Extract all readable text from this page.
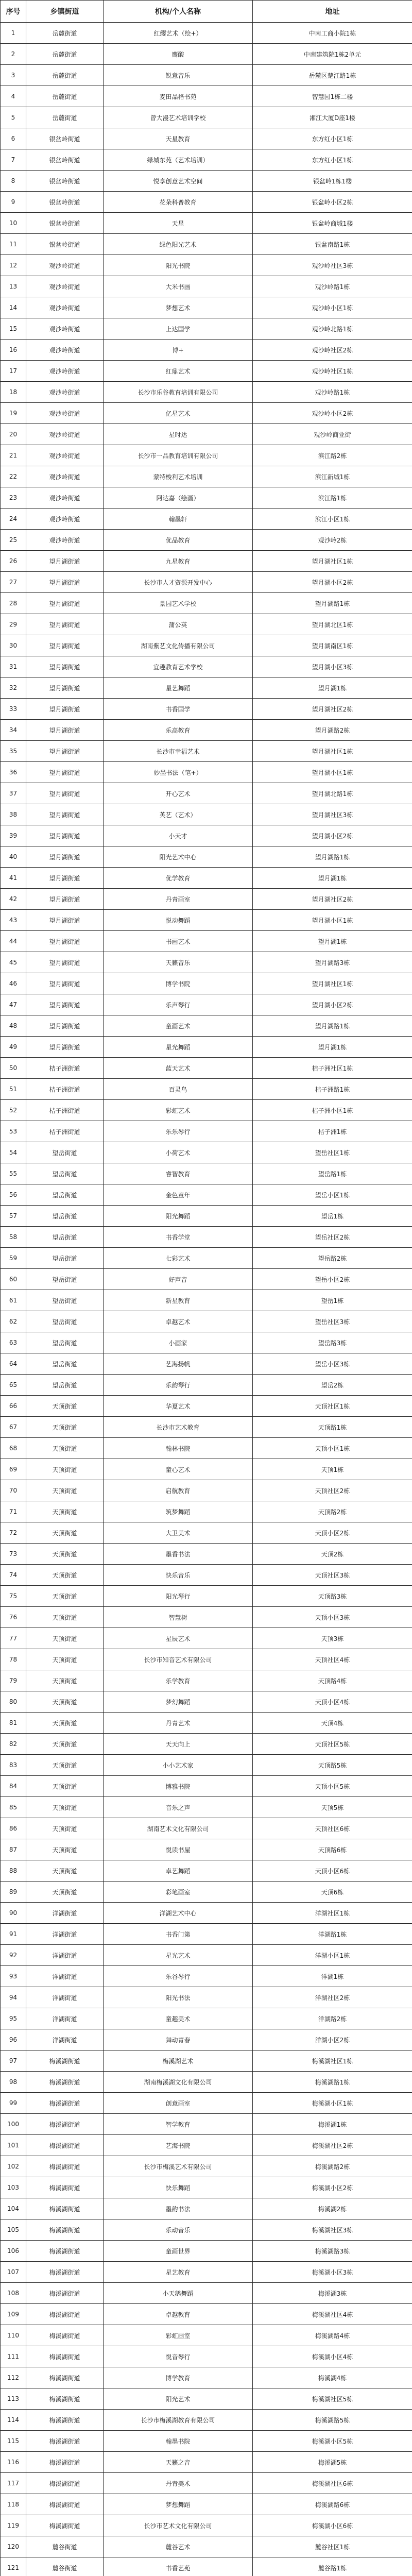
序号	乡镇街道	机构/个人名称	地址
1	岳麓街道	红缨艺术（绘+）	中南工商小院1栋
2	岳麓街道	鹰酸	中南建筑院1栋2单元
3	岳麓街道	锐意音乐	岳麓区楚江路1栋
4	岳麓街道	麦田品格书苑	智慧园1栋二楼
5	岳麓街道	曾大漫艺术培训学校	湘江大厦D座1楼
6	银盆岭街道	天星教育	东方红小区1栋
7	银盆岭街道	绿城东苑（艺术培训）	东方红小区1栋
8	银盆岭街道	悦享创意艺术空间	银盆岭1栋1楼
9	银盆岭街道	花朵科普教育	银盆岭小区2栋
10	银盆岭街道	天星	银盆岭商城1楼
11	银盆岭街道	绿色阳光艺术	银盆南路1栋
12	观沙岭街道	阳光书院	观沙岭社区3栋
13	观沙岭街道	大米书画	观沙岭路1栋
14	观沙岭街道	梦想艺术	观沙岭小区1栋
15	观沙岭街道	上达国学	观沙岭北路1栋
16	观沙岭街道	博+	观沙岭社区2栋
17	观沙岭街道	红鼎艺术	观沙岭社区1栋
18	观沙岭街道	长沙市乐谷教育培训有限公司	观沙岭路1栋
19	观沙岭街道	亿星艺术	观沙岭小区2栋
20	观沙岭街道	星时达	观沙岭商业街
21	观沙岭街道	长沙市一品教育培训有限公司	滨江路2栋
22	观沙岭街道	蒙特梭利艺术培训	滨江新城1栋
23	观沙岭街道	阿达嘉（绘画）	滨江路1栋
24	观沙岭街道	翰墨轩	滨江小区1栋
25	观沙岭街道	优品教育	观沙岭2栋
26	望月湖街道	九星教育	望月湖社区1栋
27	望月湖街道	长沙市人才资源开发中心	望月湖小区2栋
28	望月湖街道	景园艺术学校	望月湖路1栋
29	望月湖街道	蒲公英	望月湖北区1栋
30	望月湖街道	湖南紫艺文化传播有限公司	望月湖南区1栋
31	望月湖街道	宜趣教育艺术学校	望月湖小区3栋
32	望月湖街道	星艺舞蹈	望月湖1栋
33	望月湖街道	书香国学	望月湖社区2栋
34	望月湖街道	乐高教育	望月湖路2栋
35	望月湖街道	长沙市幸福艺术	望月湖社区1栋
36	望月湖街道	妙墨书法（笔+）	望月湖小区1栋
37	望月湖街道	开心艺术	望月湖北路1栋
38	望月湖街道	英艺（艺术）	望月湖社区3栋
39	望月湖街道	小天才	望月湖小区2栋
40	望月湖街道	阳光艺术中心	望月湖路1栋
41	望月湖街道	优学教育	望月湖1栋
42	望月湖街道	丹青画室	望月湖社区2栋
43	望月湖街道	悦动舞蹈	望月湖小区1栋
44	望月湖街道	书画艺术	望月湖1栋
45	望月湖街道	天籁音乐	望月湖路3栋
46	望月湖街道	博学书院	望月湖社区1栋
47	望月湖街道	乐声琴行	望月湖小区2栋
48	望月湖街道	童画艺术	望月湖路1栋
49	望月湖街道	星光舞蹈	望月湖1栋
50	桔子洲街道	蓝天艺术	桔子洲社区1栋
51	桔子洲街道	百灵鸟	桔子洲路1栋
52	桔子洲街道	彩虹艺术	桔子洲小区1栋
53	桔子洲街道	乐乐琴行	桔子洲1栋
54	望岳街道	小荷艺术	望岳社区1栋
55	望岳街道	睿智教育	望岳路1栋
56	望岳街道	金色童年	望岳小区1栋
57	望岳街道	阳光舞蹈	望岳1栋
58	望岳街道	书香学堂	望岳社区2栋
59	望岳街道	七彩艺术	望岳路2栋
60	望岳街道	好声音	望岳小区2栋
61	望岳街道	新星教育	望岳1栋
62	望岳街道	卓越艺术	望岳社区3栋
63	望岳街道	小画家	望岳路3栋
64	望岳街道	艺海扬帆	望岳小区3栋
65	望岳街道	乐韵琴行	望岳2栋
66	天顶街道	华夏艺术	天顶社区1栋
67	天顶街道	长沙市艺术教育	天顶路1栋
68	天顶街道	翰林书院	天顶小区1栋
69	天顶街道	童心艺术	天顶1栋
70	天顶街道	启航教育	天顶社区2栋
71	天顶街道	筑梦舞蹈	天顶路2栋
72	天顶街道	大卫美术	天顶小区2栋
73	天顶街道	墨香书法	天顶2栋
74	天顶街道	快乐音乐	天顶社区3栋
75	天顶街道	阳光琴行	天顶路3栋
76	天顶街道	智慧树	天顶小区3栋
77	天顶街道	星辰艺术	天顶3栋
78	天顶街道	长沙市知音艺术有限公司	天顶社区4栋
79	天顶街道	乐学教育	天顶路4栋
80	天顶街道	梦幻舞蹈	天顶小区4栋
81	天顶街道	丹青艺术	天顶4栋
82	天顶街道	天天向上	天顶社区5栋
83	天顶街道	小小艺术家	天顶路5栋
84	天顶街道	博雅书院	天顶小区5栋
85	天顶街道	音乐之声	天顶5栋
86	天顶街道	湖南艺术文化有限公司	天顶社区6栋
87	天顶街道	悦读书屋	天顶路6栋
88	天顶街道	卓艺舞蹈	天顶小区6栋
89	天顶街道	彩笔画室	天顶6栋
90	洋湖街道	洋湖艺术中心	洋湖社区1栋
91	洋湖街道	书香门第	洋湖路1栋
92	洋湖街道	星光艺术	洋湖小区1栋
93	洋湖街道	乐谷琴行	洋湖1栋
94	洋湖街道	阳光书法	洋湖社区2栋
95	洋湖街道	童趣美术	洋湖路2栋
96	洋湖街道	舞动青春	洋湖小区2栋
97	梅溪湖街道	梅溪湖艺术	梅溪湖社区1栋
98	梅溪湖街道	湖南梅溪湖文化有限公司	梅溪湖路1栋
99	梅溪湖街道	创意画室	梅溪湖小区1栋
100	梅溪湖街道	智学教育	梅溪湖1栋
101	梅溪湖街道	艺海书院	梅溪湖社区2栋
102	梅溪湖街道	长沙市梅溪艺术有限公司	梅溪湖路2栋
103	梅溪湖街道	快乐舞蹈	梅溪湖小区2栋
104	梅溪湖街道	墨韵书法	梅溪湖2栋
105	梅溪湖街道	乐动音乐	梅溪湖社区3栋
106	梅溪湖街道	童画世界	梅溪湖路3栋
107	梅溪湖街道	星艺教育	梅溪湖小区3栋
108	梅溪湖街道	小天鹅舞蹈	梅溪湖3栋
109	梅溪湖街道	卓越教育	梅溪湖社区4栋
110	梅溪湖街道	彩虹画室	梅溪湖路4栋
111	梅溪湖街道	悦音琴行	梅溪湖小区4栋
112	梅溪湖街道	博学教育	梅溪湖4栋
113	梅溪湖街道	阳光艺术	梅溪湖社区5栋
114	梅溪湖街道	长沙市梅溪湖教育有限公司	梅溪湖路5栋
115	梅溪湖街道	翰墨书院	梅溪湖小区5栋
116	梅溪湖街道	天籁之音	梅溪湖5栋
117	梅溪湖街道	丹青美术	梅溪湖社区6栋
118	梅溪湖街道	梦想舞蹈	梅溪湖路6栋
119	梅溪湖街道	长沙市艺术文化有限公司	梅溪湖小区6栋
120	麓谷街道	麓谷艺术	麓谷社区1栋
121	麓谷街道	书香艺苑	麓谷路1栋
